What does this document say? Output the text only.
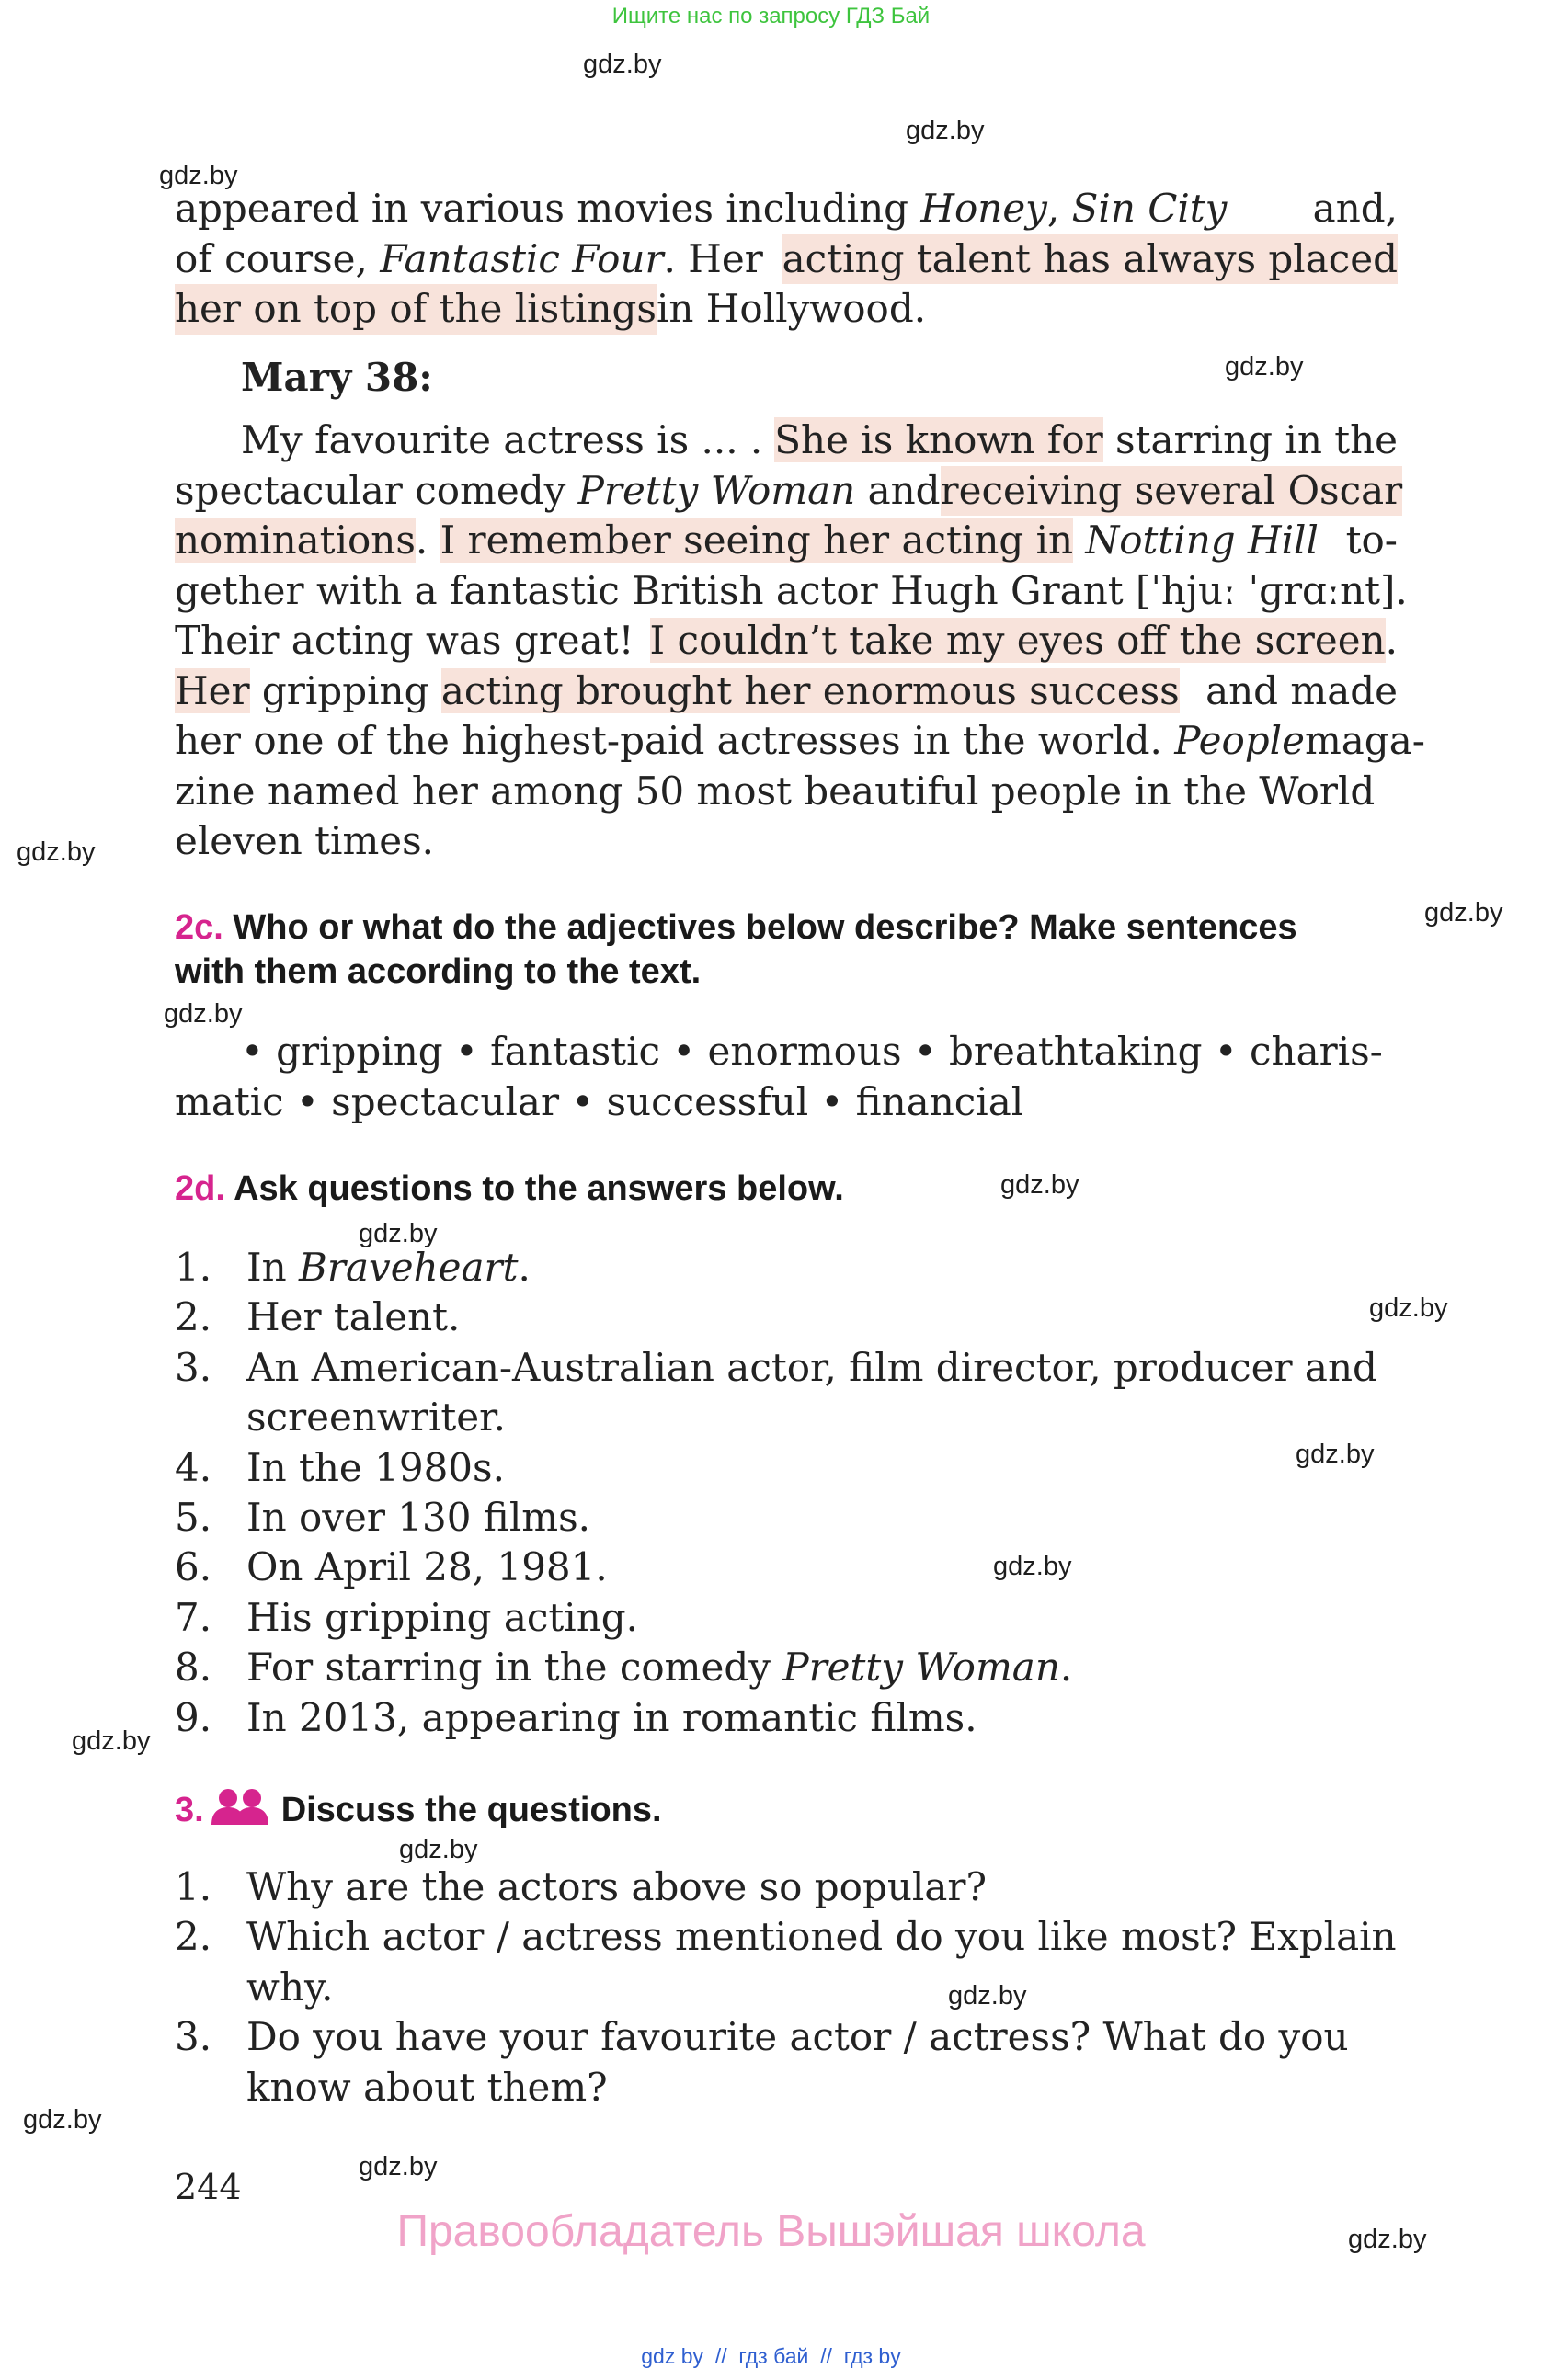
Ищите нас по запросу ГДЗ Бай
gdz.by
gdz.by
gdz.by
gdz.by
gdz.by
gdz.by
gdz.by
gdz.by
gdz.by
gdz.by
gdz.by
gdz.by
gdz.by
gdz.by
gdz.by
gdz.by
gdz.by
gdz.by
appeared in various movies including Honey, Sin City and,
of course, Fantastic Four. Her acting talent has always placed
her on top of the listings in Hollywood.
Mary 38:
My favourite actress is ... . She is known for starring in the
spectacular comedy Pretty Woman and receiving several Oscar
nominations. I remember seeing her acting in Notting Hill to-
gether with a fantastic British actor Hugh Grant [ˈhjuː ˈɡrɑːnt].
Their acting was great! I couldn’t take my eyes off the screen.
Her gripping acting brought her enormous success and made
her one of the highest-paid actresses in the world. People maga-
zine named her among 50 most beautiful people in the World
eleven times.
2c. Who or what do the adjectives below describe? Make sentences
with them according to the text.
• gripping • fantastic • enormous • breathtaking • charis-
matic • spectacular • successful • financial
2d. Ask questions to the answers below.
1. In Braveheart.
2. Her talent.
3. An American-Australian actor, film director, producer and
screenwriter.
4. In the 1980s.
5. In over 130 films.
6. On April 28, 1981.
7. His gripping acting.
8. For starring in the comedy Pretty Woman.
9. In 2013, appearing in romantic films.
3. Discuss the questions.
1. Why are the actors above so popular?
2. Which actor / actress mentioned do you like most? Explain
why.
3. Do you have your favourite actor / actress? What do you
know about them?
244
Правообладатель Вышэйшая школа
gdz by  //  гдз бай  //  гдз by
